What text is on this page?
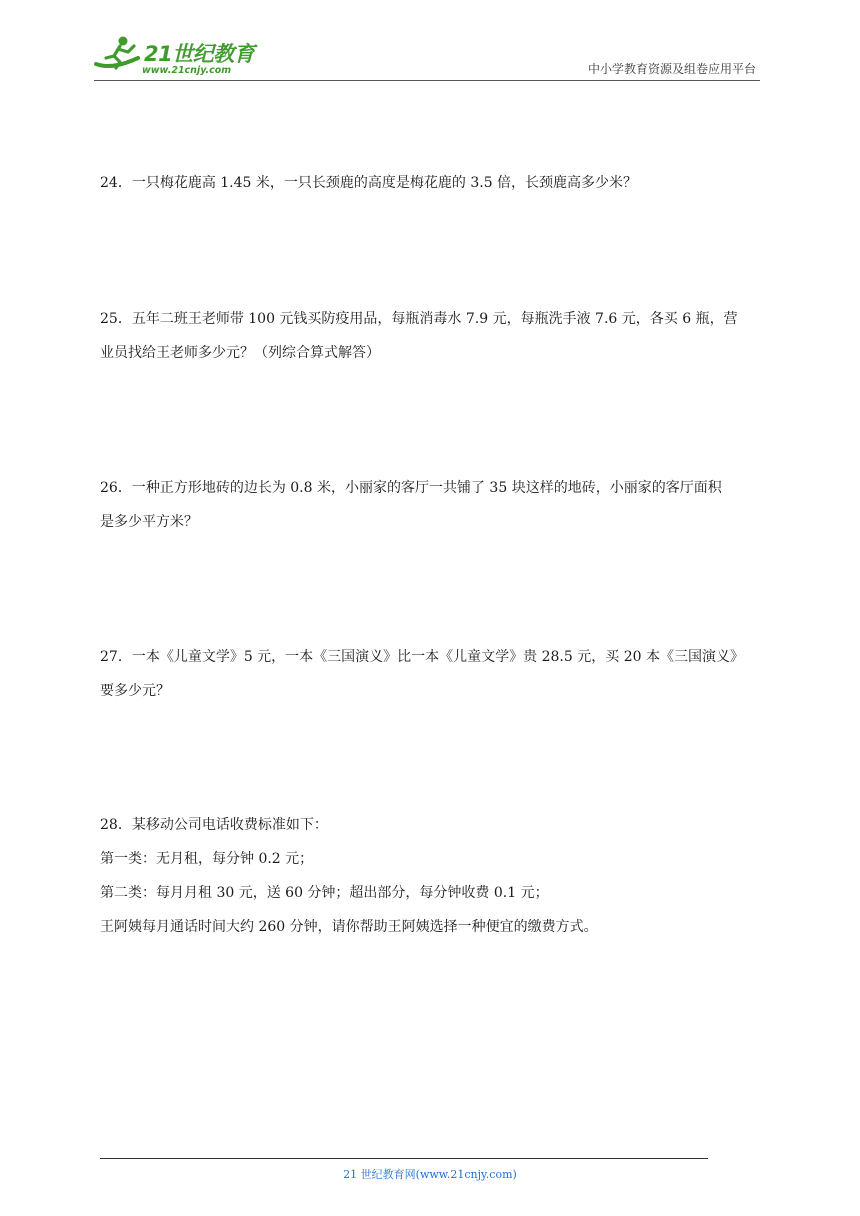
21世纪教育
www.21cnjy.com	中小学教育资源及组卷应用平台

24．一只梅花鹿高 1.45 米，一只长颈鹿的高度是梅花鹿的 3.5 倍，长颈鹿高多少米？

25．五年二班王老师带 100 元钱买防疫用品，每瓶消毒水 7.9 元，每瓶洗手液 7.6 元，各买 6 瓶，营

业员找给王老师多少元？（列综合算式解答）

26．一种正方形地砖的边长为 0.8 米，小丽家的客厅一共铺了 35 块这样的地砖，小丽家的客厅面积

是多少平方米？

27．一本《儿童文学》5 元，一本《三国演义》比一本《儿童文学》贵 28.5 元，买 20 本《三国演义》

要多少元？

28．某移动公司电话收费标准如下：

第一类：无月租，每分钟 0.2 元；

第二类：每月月租 30 元，送 60 分钟；超出部分，每分钟收费 0.1 元；

王阿姨每月通话时间大约 260 分钟，请你帮助王阿姨选择一种便宜的缴费方式。

21 世纪教育网(www.21cnjy.com)
